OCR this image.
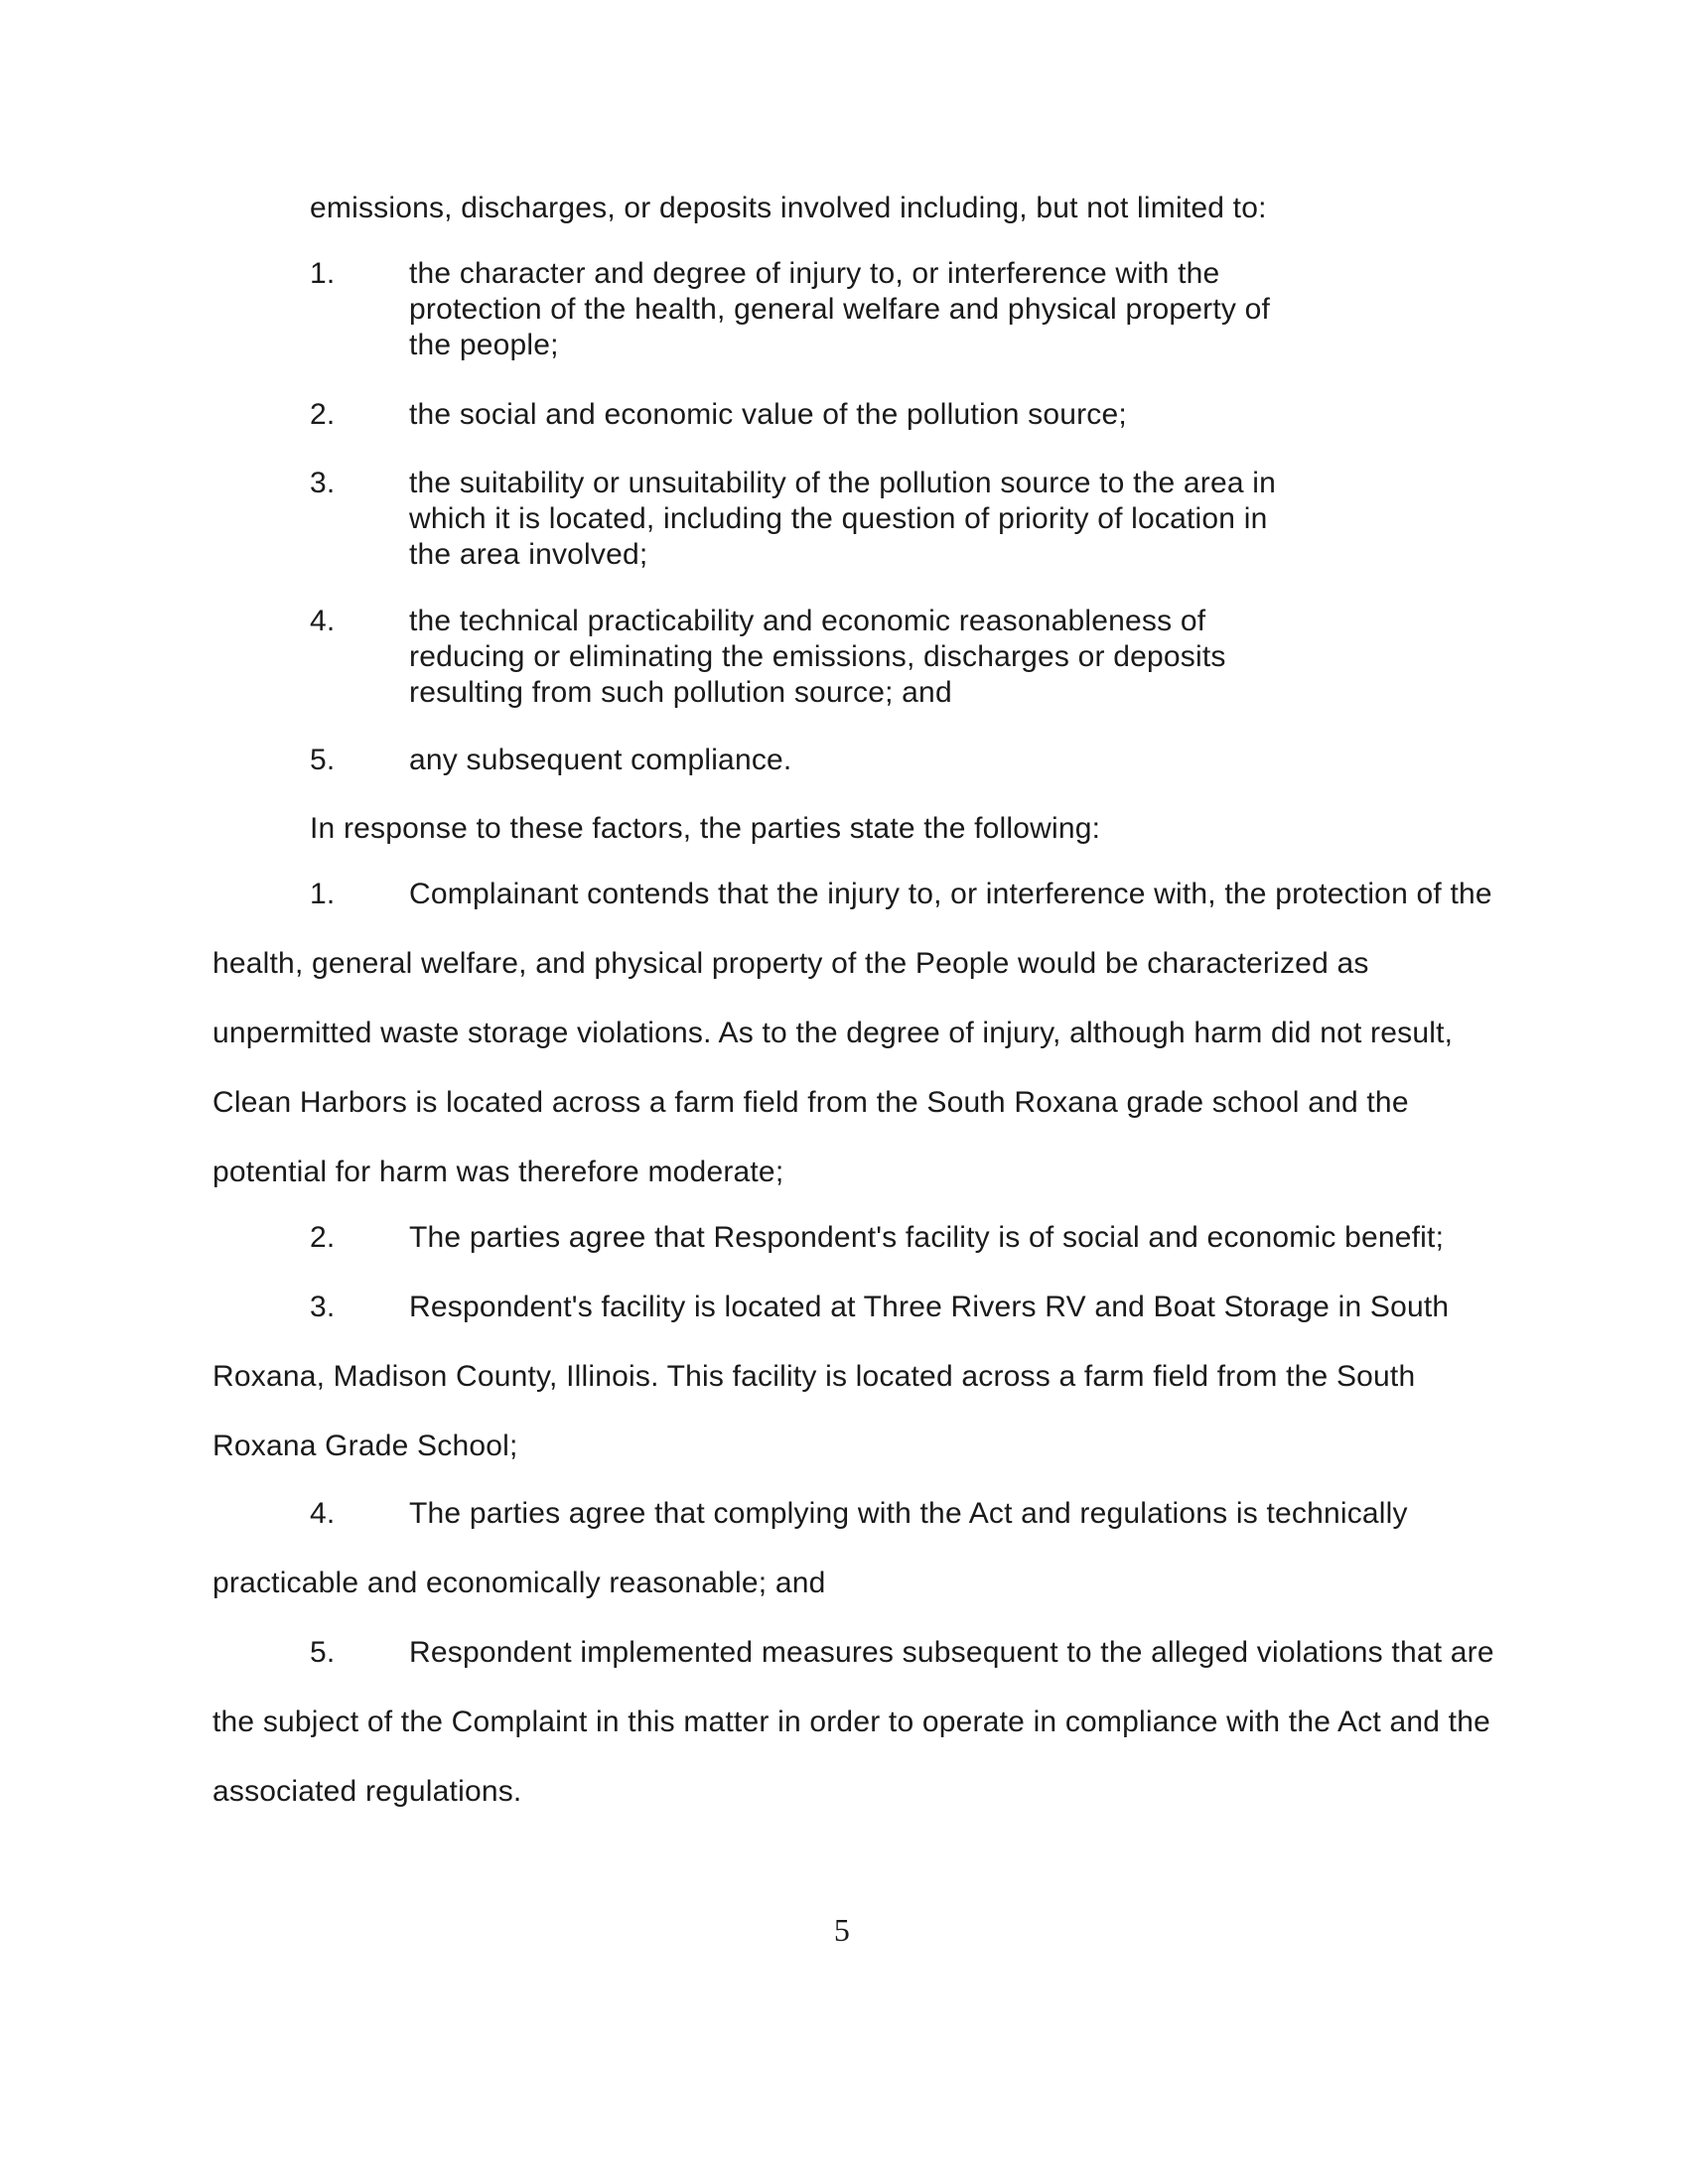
emissions, discharges, or deposits involved including, but not limited to:
1. the character and degree of injury to, or interference with the protection of the health, general welfare and physical property of the people;
2. the social and economic value of the pollution source;
3. the suitability or unsuitability of the pollution source to the area in which it is located, including the question of priority of location in the area involved;
4. the technical practicability and economic reasonableness of reducing or eliminating the emissions, discharges or deposits resulting from such pollution source; and
5. any subsequent compliance.
In response to these factors, the parties state the following:
1.	Complainant contends that the injury to, or interference with, the protection of the health, general welfare, and physical property of the People would be characterized as unpermitted waste storage violations. As to the degree of injury, although harm did not result, Clean Harbors is located across a farm field from the South Roxana grade school and the potential for harm was therefore moderate;
2.	The parties agree that Respondent's facility is of social and economic benefit;
3.	Respondent's facility is located at Three Rivers RV and Boat Storage in South Roxana, Madison County, Illinois. This facility is located across a farm field from the South Roxana Grade School;
4.	The parties agree that complying with the Act and regulations is technically practicable and economically reasonable; and
5.	Respondent implemented measures subsequent to the alleged violations that are the subject of the Complaint in this matter in order to operate in compliance with the Act and the associated regulations.
5
